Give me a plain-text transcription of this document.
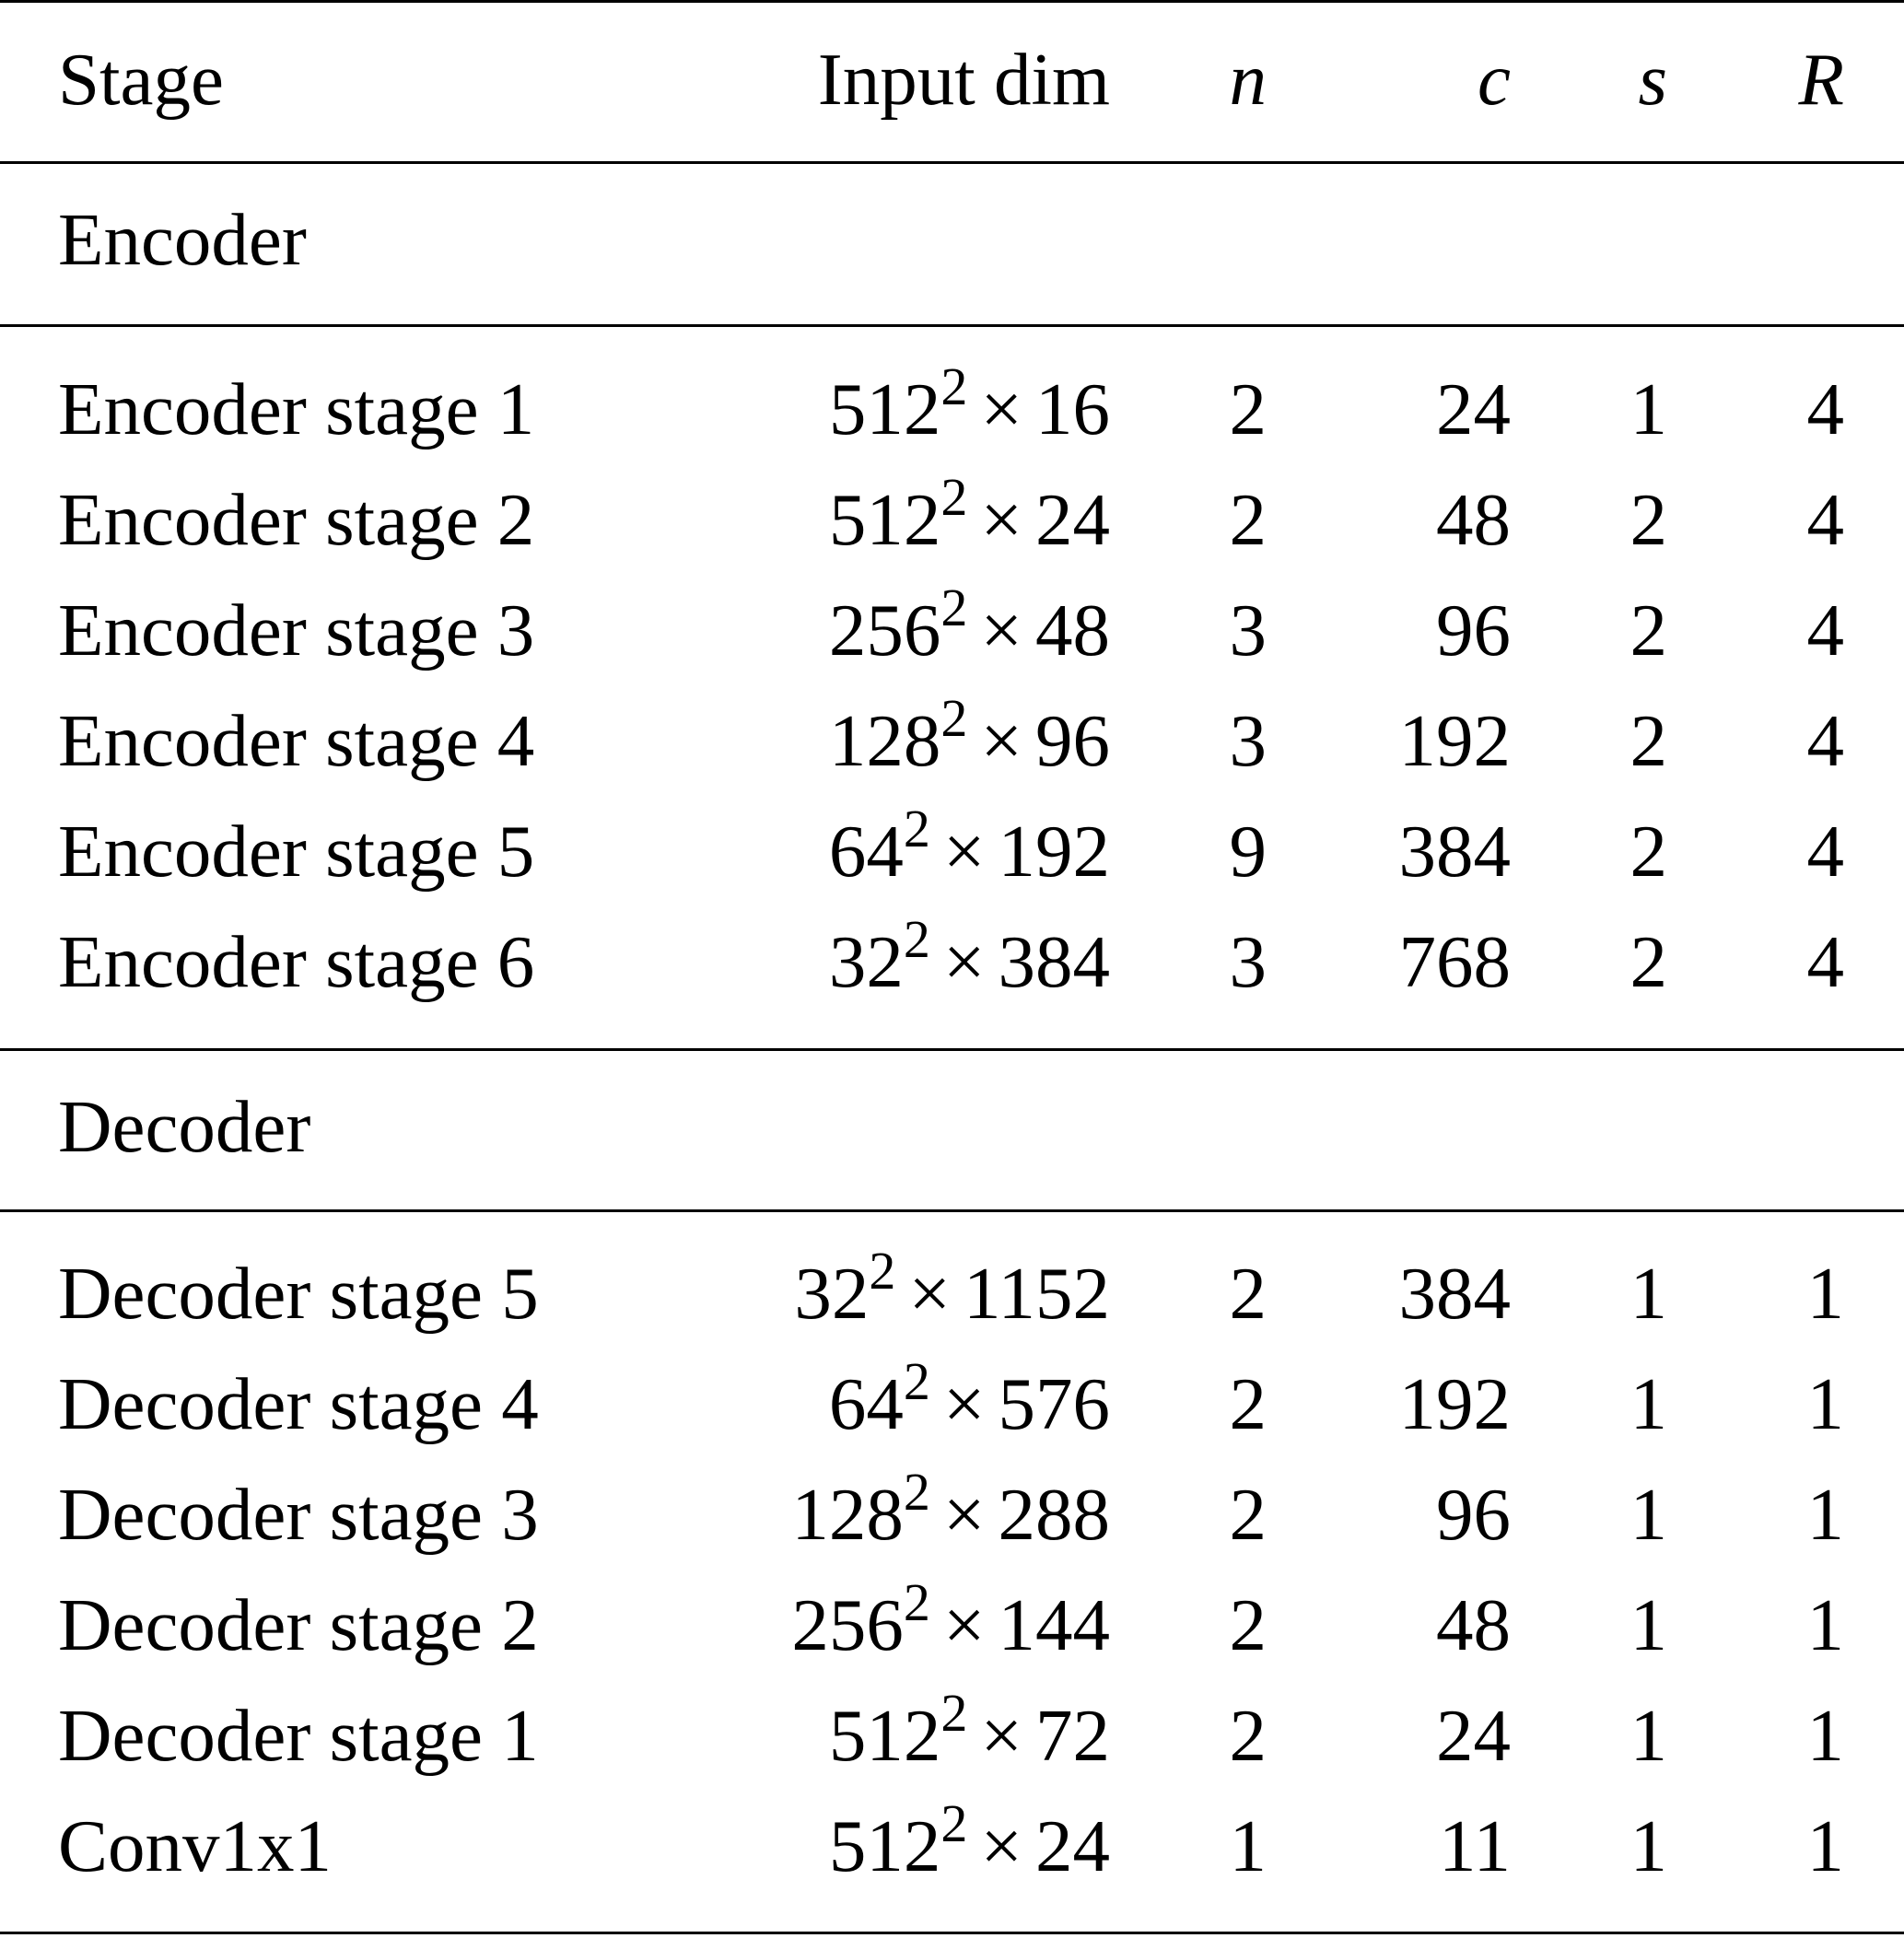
Stage	Input dim	n	c	s	R
Encoder
Encoder stage 1	$512^2 \times 16$	2	24	1	4
Encoder stage 2	$512^2 \times 24$	2	48	2	4
Encoder stage 3	$256^2 \times 48$	3	96	2	4
Encoder stage 4	$128^2 \times 96$	3	192	2	4
Encoder stage 5	$64^2 \times 192$	9	384	2	4
Encoder stage 6	$32^2 \times 384$	3	768	2	4
Decoder
Decoder stage 5	$32^2 \times 1152$	2	384	1	1
Decoder stage 4	$64^2 \times 576$	2	192	1	1
Decoder stage 3	$128^2 \times 288$	2	96	1	1
Decoder stage 2	$256^2 \times 144$	2	48	1	1
Decoder stage 1	$512^2 \times 72$	2	24	1	1
Conv1x1	$512^2 \times 24$	1	11	1	1
